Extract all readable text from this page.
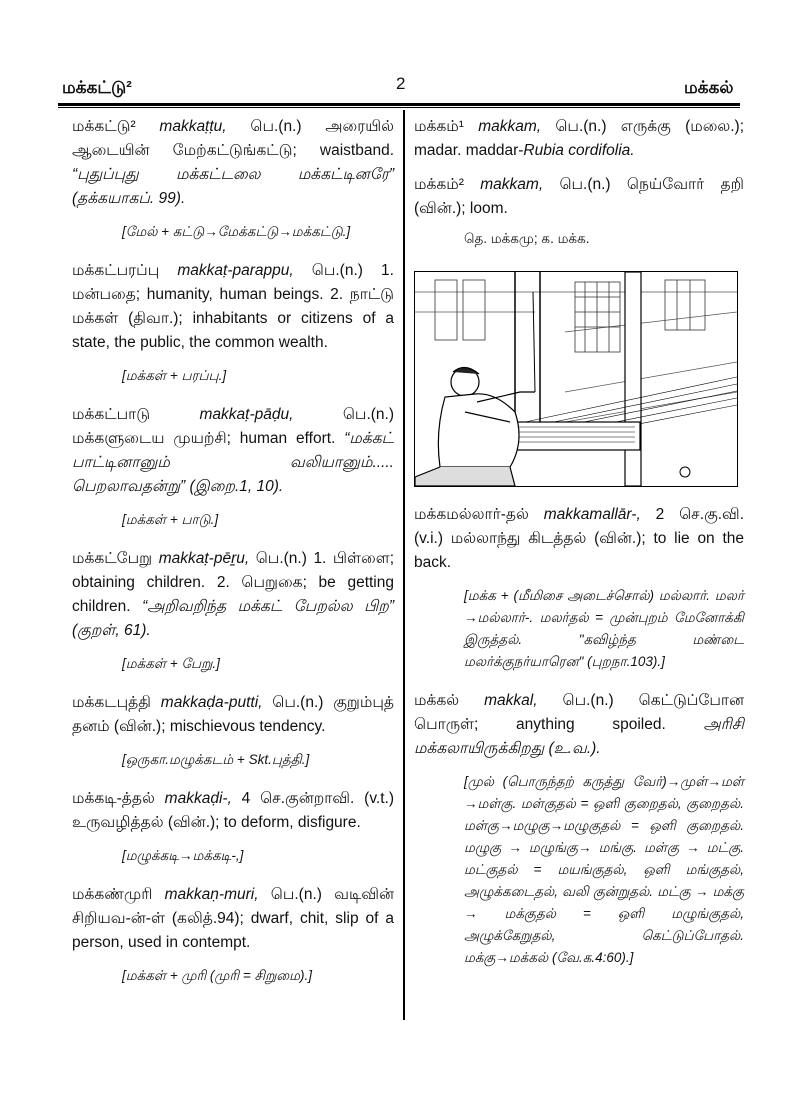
மக்கட்டு²	2	மக்கல்
மக்கட்டு² makkaṭṭu, பெ.(n.) அரையில் ஆடையின் மேற்கட்டுங்கட்டு; waistband. “புதுப்புது மக்கட்டலை மக்கட்டினரே” (தக்கயாகப். 99).
[மேல் + கட்டு→மேக்கட்டு→மக்கட்டு.]
மக்கட்பரப்பு makkaṭ-parappu, பெ.(n.) 1. மன்பதை; humanity, human beings. 2. நாட்டு மக்கள் (திவா.); inhabitants or citizens of a state, the public, the common wealth.
[மக்கள் + பரப்பு.]
மக்கட்பாடு	makkaṭ-pāḍu,	பெ.(n.) மக்களுடைய முயற்சி; human effort. “மக்கட் பாட்டினானும் வலியானும்..... பெறலாவதன்று” (இறை.1, 10).
[மக்கள் + பாடு.]
மக்கட்பேறு makkaṭ-pēṟu, பெ.(n.) 1. பிள்ளை; obtaining children. 2. பெறுகை; be getting children. “அறிவறிந்த மக்கட் பேறல்ல பிற” (குறள், 61).
[மக்கள் + பேறு.]
மக்கடபுத்தி makkaḍa-putti, பெ.(n.) குறும்புத் தனம் (வின்.); mischievous tendency.
[ஒருகா.மழுக்கடம் + Skt.புத்தி.]
மக்கடி-த்தல் makkaḍi-, 4 செ.குன்றாவி. (v.t.) உருவழித்தல் (வின்.); to deform, disfigure.
[மழுக்கடி→மக்கடி-,]
மக்கண்முரி makkaṇ-muri, பெ.(n.) வடிவின் சிறியவ-ன்-ள் (கலித்.94); dwarf, chit, slip of a person, used in contempt.
[மக்கள் + முரி (முரி = சிறுமை).]
மக்கம்¹ makkam, பெ.(n.) எருக்கு (மலை.); madar. maddar-Rubia cordifolia.
மக்கம்² makkam, பெ.(n.) நெய்வோர் தறி (வின்.); loom.
தெ. மக்கமு; க. மக்க.
மக்கமல்லார்-தல் makkamallār-, 2 செ.கு.வி. (v.i.) மல்லாந்து கிடத்தல் (வின்.); to lie on the back.
[மக்க + (மீமிசை அடைச்சொல்) மல்லார். மலர் →மல்லார்-. மலர்தல் = முன்புறம் மேனோக்கி இருத்தல். "கவிழ்ந்த மண்டை மலர்க்குநர்யாரென" (புறநா.103).]
மக்கல் makkal, பெ.(n.) கெட்டுப்போன பொருள்; anything spoiled. அரிசி மக்கலாயிருக்கிறது (உ.வ.).
[முல் (பொருந்தற் கருத்து வேர்)→முள்→மள் →மள்கு. மள்குதல் = ஒளி குறைதல், குறைதல். மள்கு→மழுகு→மழுகுதல் = ஒளி குறைதல். மழுகு → மழுங்கு→ மங்கு. மள்கு → மட்கு. மட்குதல் = மயங்குதல், ஒளி மங்குதல், அழுக்கடைதல், வலி குன்றுதல். மட்கு → மக்கு → மக்குதல் = ஒளி மழுங்குதல், அழுக்கேறுதல், கெட்டுப்போதல். மக்கு→மக்கல் (வே.க.4:60).]
